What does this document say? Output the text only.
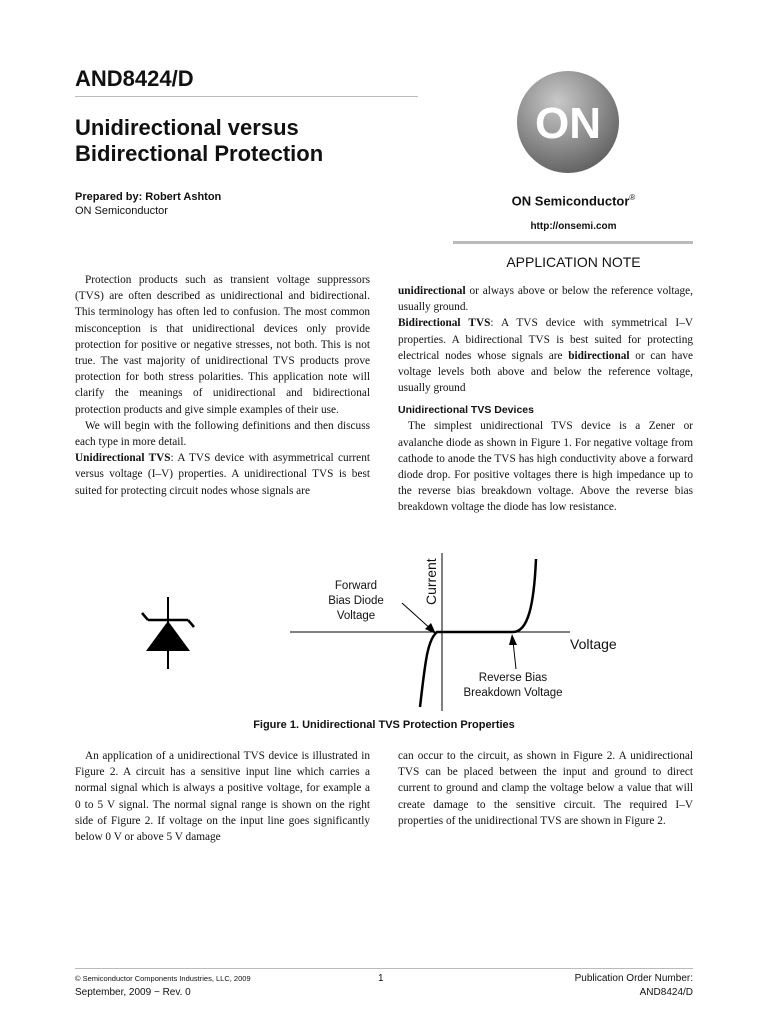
AND8424/D
Unidirectional versus
Bidirectional Protection
Prepared by: Robert Ashton
ON Semiconductor
ON
ON Semiconductor®
http://onsemi.com
APPLICATION NOTE

Protection products such as transient voltage suppressors (TVS) are often described as unidirectional and bidirectional. This terminology has often led to confusion. The most common misconception is that unidirectional devices only provide protection for positive or negative stresses, not both. This is not true. The vast majority of unidirectional TVS products prove protection for both stress polarities. This application note will clarify the meanings of unidirectional and bidirectional protection products and give simple examples of their use.

We will begin with the following definitions and then discuss each type in more detail.

Unidirectional TVS: A TVS device with asymmetrical current versus voltage (I–V) properties. A unidirectional TVS is best suited for protecting circuit nodes whose signals are

unidirectional or always above or below the reference voltage, usually ground.

Bidirectional TVS: A TVS device with symmetrical I–V properties. A bidirectional TVS is best suited for protecting electrical nodes whose signals are bidirectional or can have voltage levels both above and below the reference voltage, usually ground

Unidirectional TVS Devices

The simplest unidirectional TVS device is a Zener or avalanche diode as shown in Figure 1. For negative voltage from cathode to anode the TVS has high conductivity above a forward diode drop. For positive voltages there is high impedance up to the reverse bias breakdown voltage. Above the reverse bias breakdown voltage the diode has low resistance.

Current
Voltage
Forward
Bias Diode
Voltage
Reverse Bias
Breakdown Voltage
Figure 1. Unidirectional TVS Protection Properties

An application of a unidirectional TVS device is illustrated in Figure 2. A circuit has a sensitive input line which carries a normal signal which is always a positive voltage, for example a 0 to 5 V signal. The normal signal range is shown on the right side of Figure 2. If voltage on the input line goes significantly below 0 V or above 5 V damage

can occur to the circuit, as shown in Figure 2. A unidirectional TVS can be placed between the input and ground to direct current to ground and clamp the voltage below a value that will create damage to the sensitive circuit. The required I–V properties of the unidirectional TVS are shown in Figure 2.

© Semiconductor Components Industries, LLC, 2009	1	Publication Order Number:
September, 2009 − Rev. 0	AND8424/D
